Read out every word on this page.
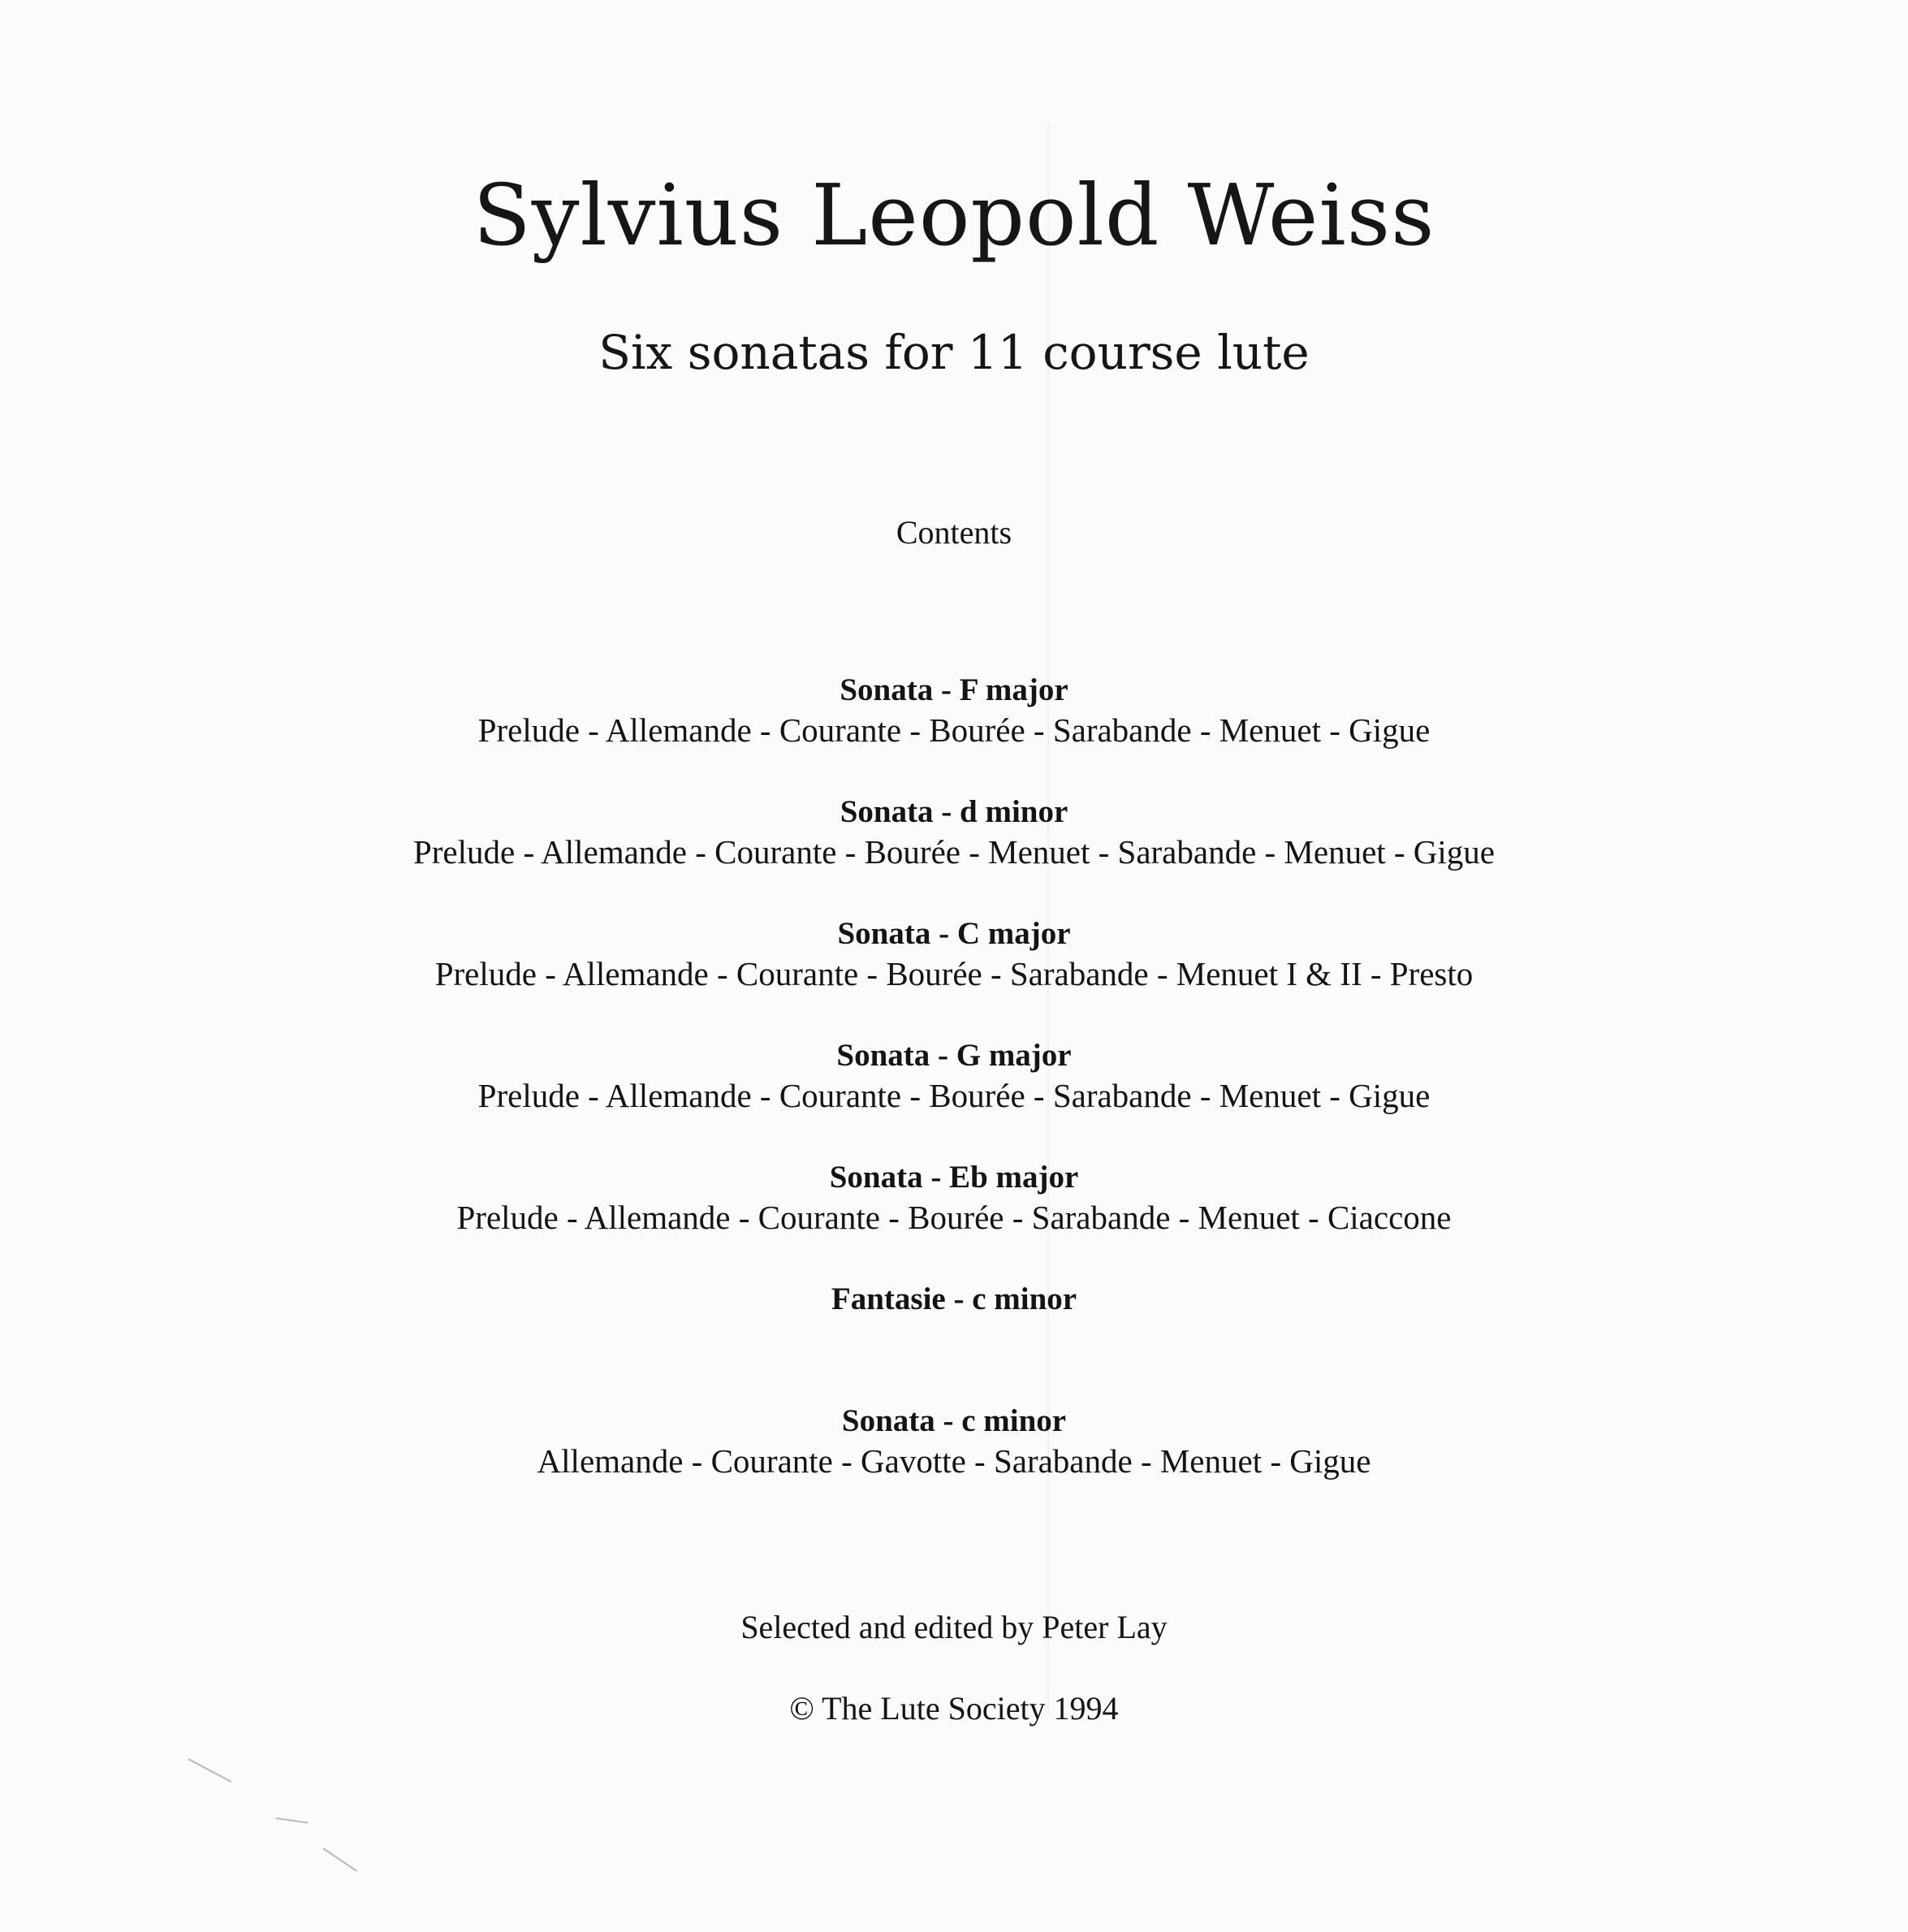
Sylvius Leopold Weiss
Six sonatas for 11 course lute
Contents
Sonata - F major
Prelude - Allemande - Courante - Bourée - Sarabande - Menuet - Gigue
Sonata - d minor
Prelude - Allemande - Courante - Bourée - Menuet - Sarabande - Menuet - Gigue
Sonata - C major
Prelude - Allemande - Courante - Bourée - Sarabande - Menuet I & II - Presto
Sonata - G major
Prelude - Allemande - Courante - Bourée - Sarabande - Menuet - Gigue
Sonata - Eb major
Prelude - Allemande - Courante - Bourée - Sarabande - Menuet - Ciaccone
Fantasie - c minor
Sonata - c minor
Allemande - Courante - Gavotte - Sarabande - Menuet - Gigue
Selected and edited by Peter Lay
© The Lute Society 1994
